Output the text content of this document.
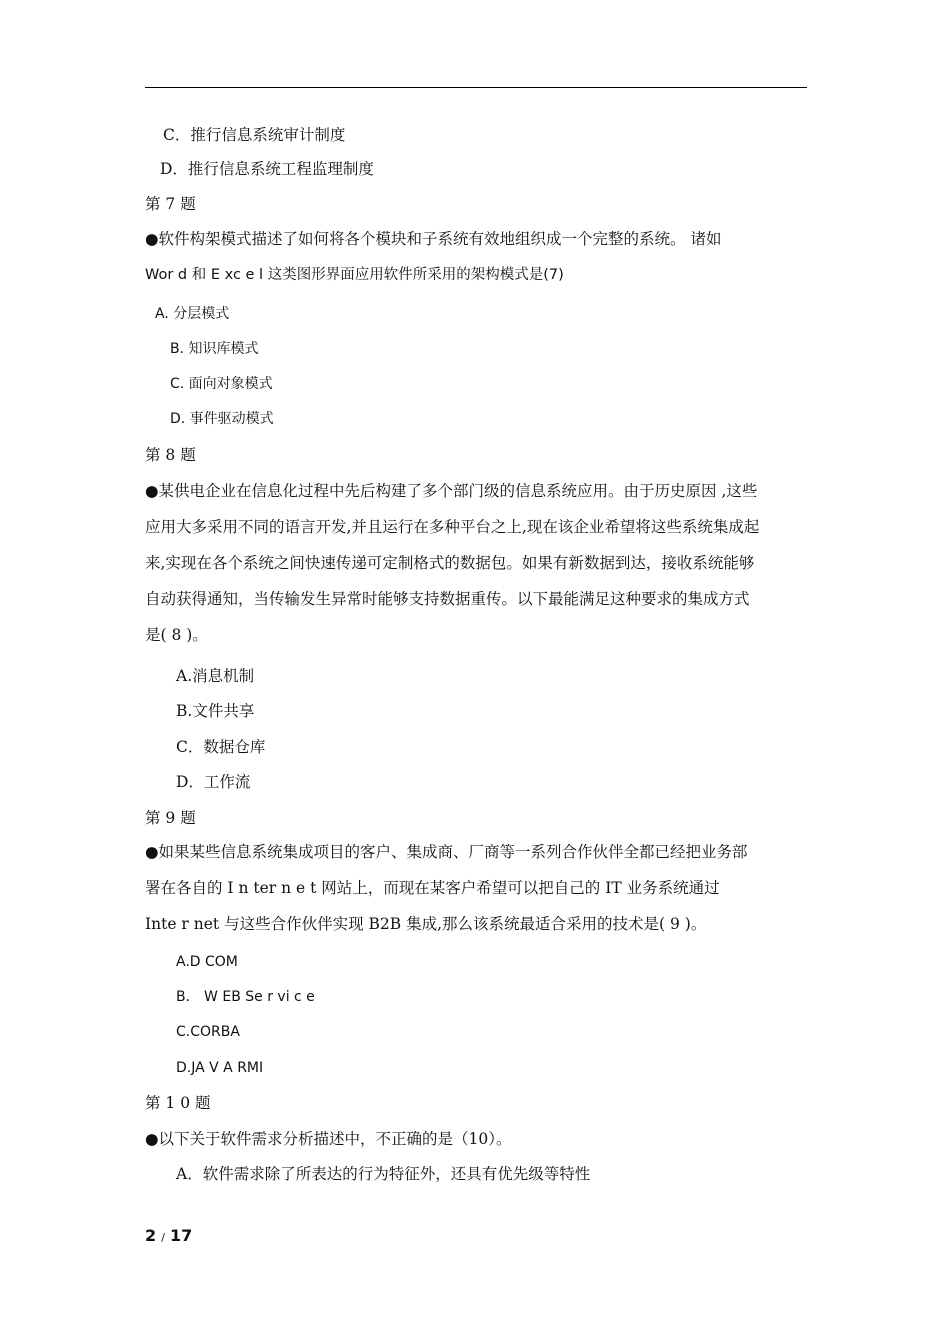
C．推行信息系统审计制度
D．推行信息系统工程监理制度
第 7 题
●软件构架模式描述了如何将各个模块和子系统有效地组织成一个完整的系统。 诸如
Wor d 和 E xc e l 这类图形界面应用软件所采用的架构模式是(7)
A. 分层模式
B. 知识库模式
C. 面向对象模式
D. 事件驱动模式
第 8 题
●某供电企业在信息化过程中先后构建了多个部门级的信息系统应用。由于历史原因 ,这些
应用大多采用不同的语言开发,并且运行在多种平台之上,现在该企业希望将这些系统集成起
来,实现在各个系统之间快速传递可定制格式的数据包。如果有新数据到达，接收系统能够
自动获得通知，当传输发生异常时能够支持数据重传。以下最能满足这种要求的集成方式
是( 8 )。
A.消息机制
B.文件共享
C．数据仓库
D．工作流
第 9 题
●如果某些信息系统集成项目的客户、集成商、厂商等一系列合作伙伴全都已经把业务部
署在各自的 I n ter n e t 网站上，而现在某客户希望可以把自己的 IT 业务系统通过
Inte r net 与这些合作伙伴实现 B2B 集成,那么该系统最适合采用的技术是( 9 )。
A.D COM
B． W EB Se r vi c e
C.CORBA
D.JA V A RMI
第 1 0 题
●以下关于软件需求分析描述中，不正确的是（10）。
A．软件需求除了所表达的行为特征外，还具有优先级等特性
2 / 17
